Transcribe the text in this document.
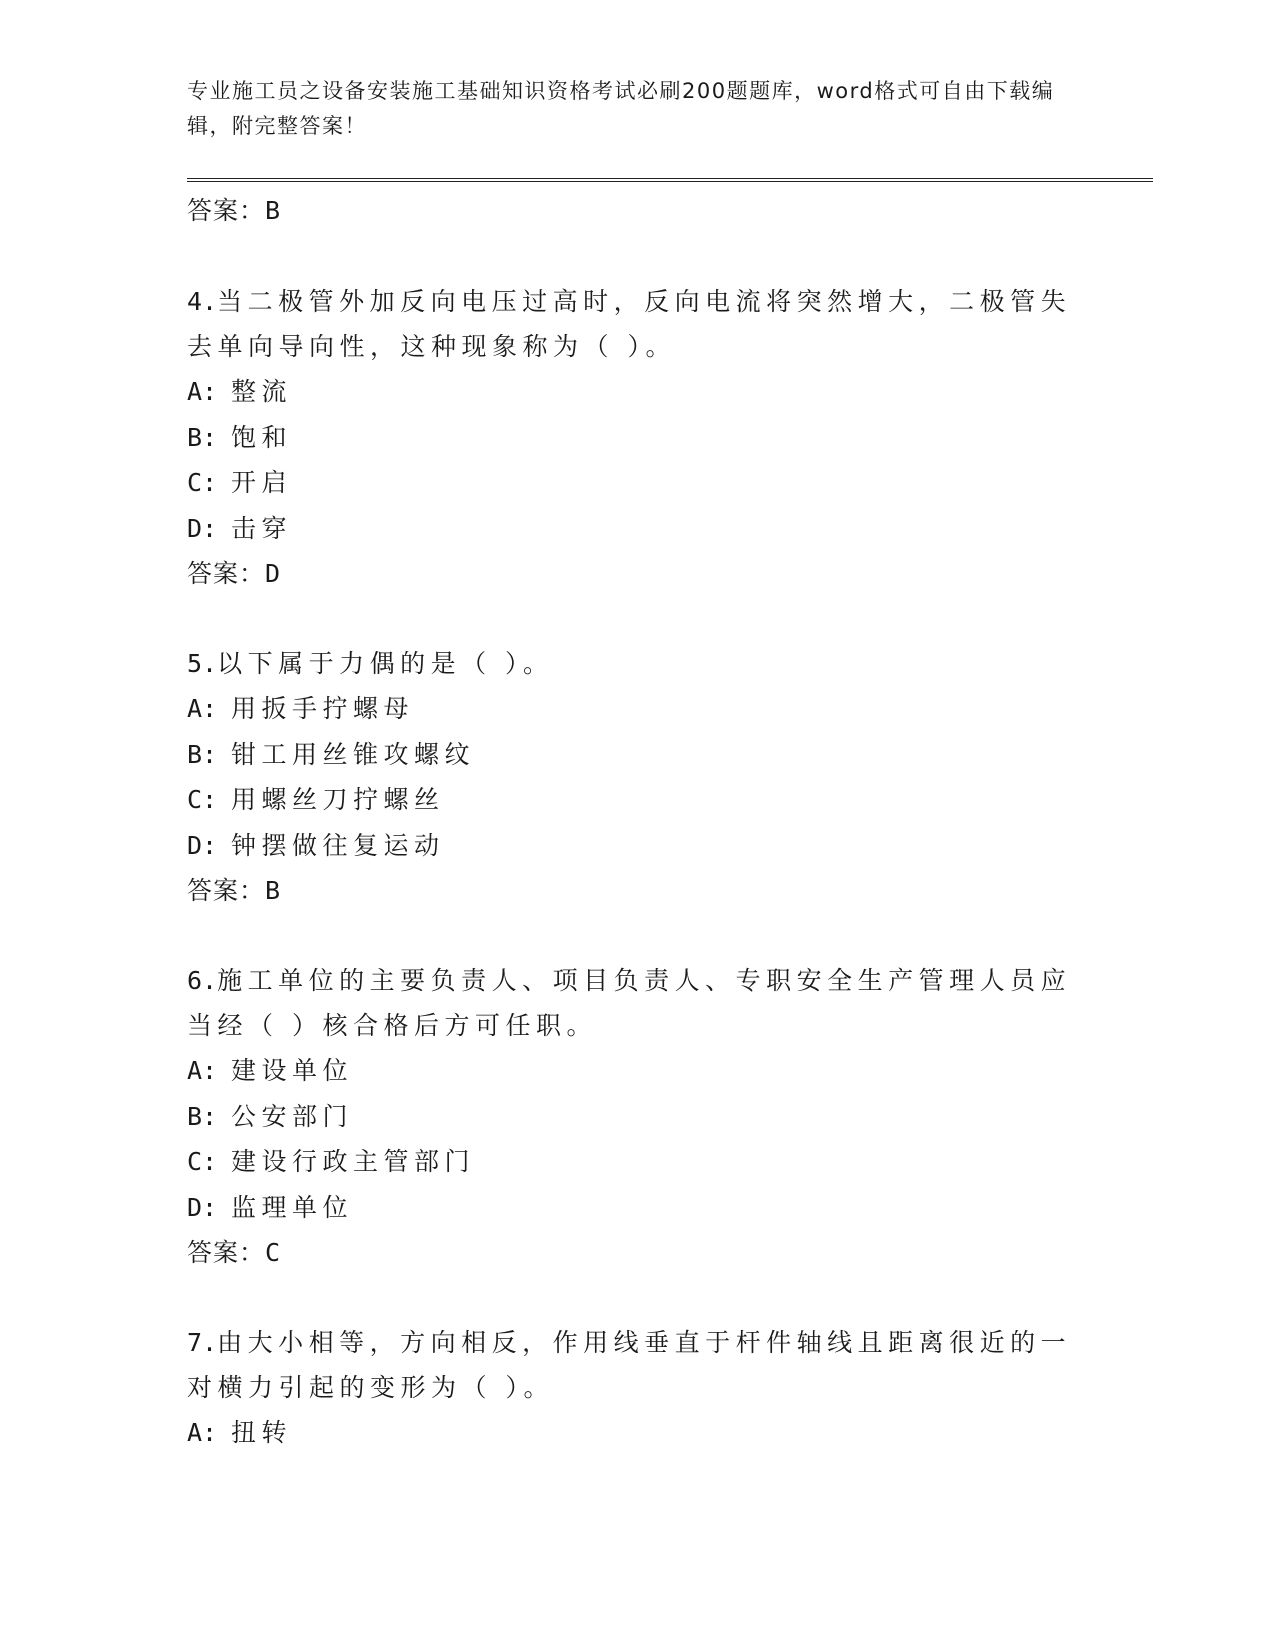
专业施工员之设备安装施工基础知识资格考试必刷200题题库，word格式可自由下载编辑，附完整答案！
答案：B
4.当二极管外加反向电压过高时，反向电流将突然增大，二极管失去单向导向性，这种现象称为（ ）。
A: 整流
B: 饱和
C: 开启
D: 击穿
答案：D
5.以下属于力偶的是（ ）。
A: 用扳手拧螺母
B: 钳工用丝锥攻螺纹
C: 用螺丝刀拧螺丝
D: 钟摆做往复运动
答案：B
6.施工单位的主要负责人、项目负责人、专职安全生产管理人员应当经（ ）核合格后方可任职。
A: 建设单位
B: 公安部门
C: 建设行政主管部门
D: 监理单位
答案：C
7.由大小相等，方向相反，作用线垂直于杆件轴线且距离很近的一对横力引起的变形为（ ）。
A: 扭转
